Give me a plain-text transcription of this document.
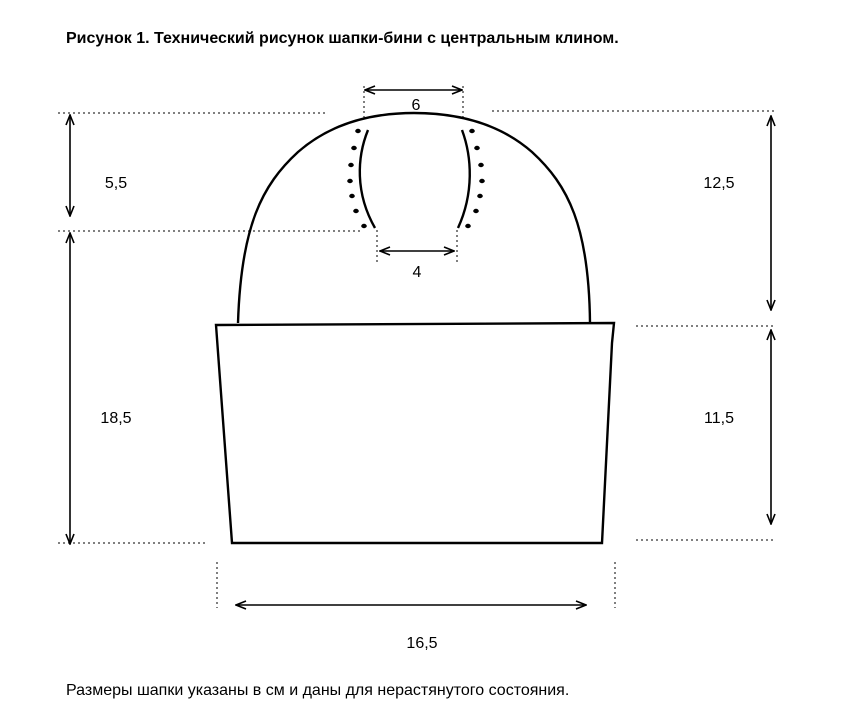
Рисунок 1. Технический рисунок шапки-бини с центральным клином.
6
4
5,5
18,5
12,5
11,5
16,5
Размеры шапки указаны в см и даны для нерастянутого состояния.
